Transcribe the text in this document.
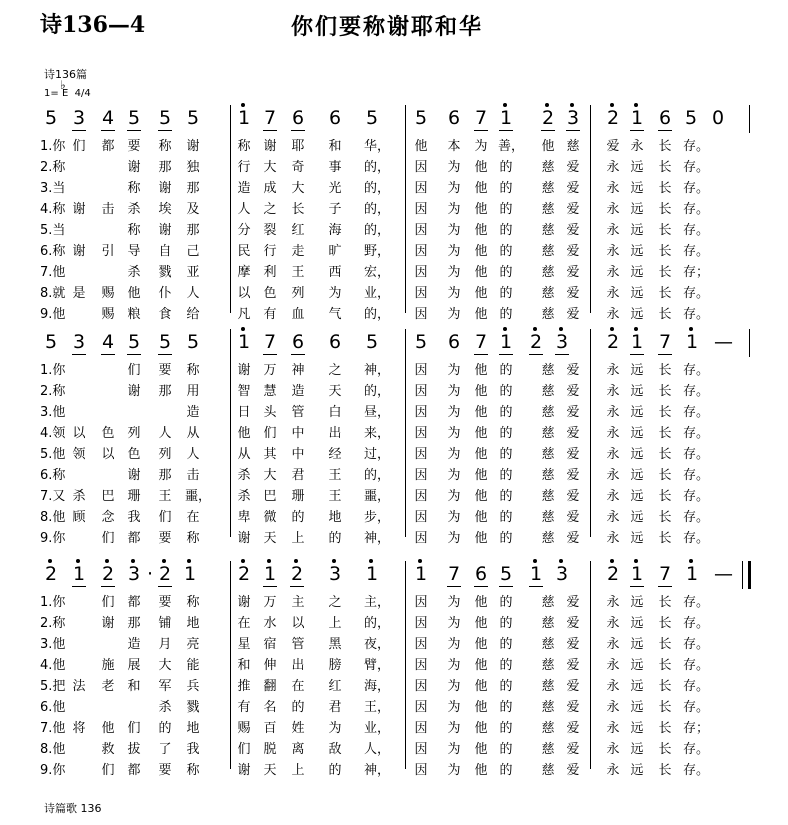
诗136—4	你们要称谢耶和华
诗136篇
♭
1= E 4/4
5 3 4 5 5 5 1 7 6 6 5 5 6 7 1 2 3 2 1 6 5 0
1.你 们 都 要 称 谢	称 谢 耶 和 华， 他 本 为 善， 他 慈 爱 永 长 存。
2.称	谢 那 独	行 大 奇 事 的， 因 为 他 的 慈 爱 永 远 长 存。
3.当	称 谢 那	造 成 大 光 的， 因 为 他 的 慈 爱 永 远 长 存。
4.称 谢 击 杀 埃 及	人 之 长 子 的， 因 为 他 的 慈 爱 永 远 长 存。
5.当	称 谢 那	分 裂 红 海 的， 因 为 他 的 慈 爱 永 远 长 存。
6.称 谢 引 导 自 己	民 行 走 旷 野， 因 为 他 的 慈 爱 永 远 长 存。
7.他	杀 戮 亚	摩 利 王 西 宏， 因 为 他 的 慈 爱 永 远 长 存；
8.就 是 赐 他 仆 人	以 色 列 为 业， 因 为 他 的 慈 爱 永 远 长 存。
9.他	赐 粮 食 给	凡 有 血 气 的， 因 为 他 的 慈 爱 永 远 长 存。
5 3 4 5 5 5 1 7 6 6 5 5 6 7 1 2 3 2 1 7 1 —
1.你	们 要 称	谢 万 神 之 神， 因 为 他 的 慈 爱 永 远 长 存。
2.称	谢 那 用	智 慧 造 天 的， 因 为 他 的 慈 爱 永 远 长 存。
3.他	造	日 头 管 白 昼， 因 为 他 的 慈 爱 永 远 长 存。
4.领 以 色 列 人 从	他 们 中 出 来， 因 为 他 的 慈 爱 永 远 长 存。
5.他 领 以 色 列 人	从 其 中 经 过， 因 为 他 的 慈 爱 永 远 长 存。
6.称	谢 那 击	杀 大 君 王 的， 因 为 他 的 慈 爱 永 远 长 存。
7.又 杀 巴 珊 王 噩， 杀 巴 珊 王 噩， 因 为 他 的 慈 爱 永 远 长 存。
8.他 顾 念 我 们 在	卑 微 的 地 步， 因 为 他 的 慈 爱 永 远 长 存。
9.你	们 都 要 称	谢 天 上 的 神， 因 为 他 的 慈 爱 永 远 长 存。
2 1 2 3 · 2 1 2 1 2 3 1 1 7 6 5 1 3 2 1 7 1 —
1.你	们 都 要 称	谢 万 主 之 主， 因 为 他 的 慈 爱 永 远 长 存。
2.称	谢 那 铺 地	在 水 以 上 的， 因 为 他 的 慈 爱 永 远 长 存。
3.他	造 月 亮	星 宿 管 黑 夜， 因 为 他 的 慈 爱 永 远 长 存。
4.他	施 展 大 能	和 伸 出 膀 臂， 因 为 他 的 慈 爱 永 远 长 存。
5.把 法 老 和 军 兵	推 翻 在 红 海， 因 为 他 的 慈 爱 永 远 长 存。
6.他	杀 戮	有 名 的 君 王， 因 为 他 的 慈 爱 永 远 长 存。
7.他 将 他 们 的 地	赐 百 姓 为 业， 因 为 他 的 慈 爱 永 远 长 存；
8.他	救 拔 了 我	们 脱 离 敌 人， 因 为 他 的 慈 爱 永 远 长 存。
9.你	们 都 要 称	谢 天 上 的 神， 因 为 他 的 慈 爱 永 远 长 存。
诗篇歌 136
